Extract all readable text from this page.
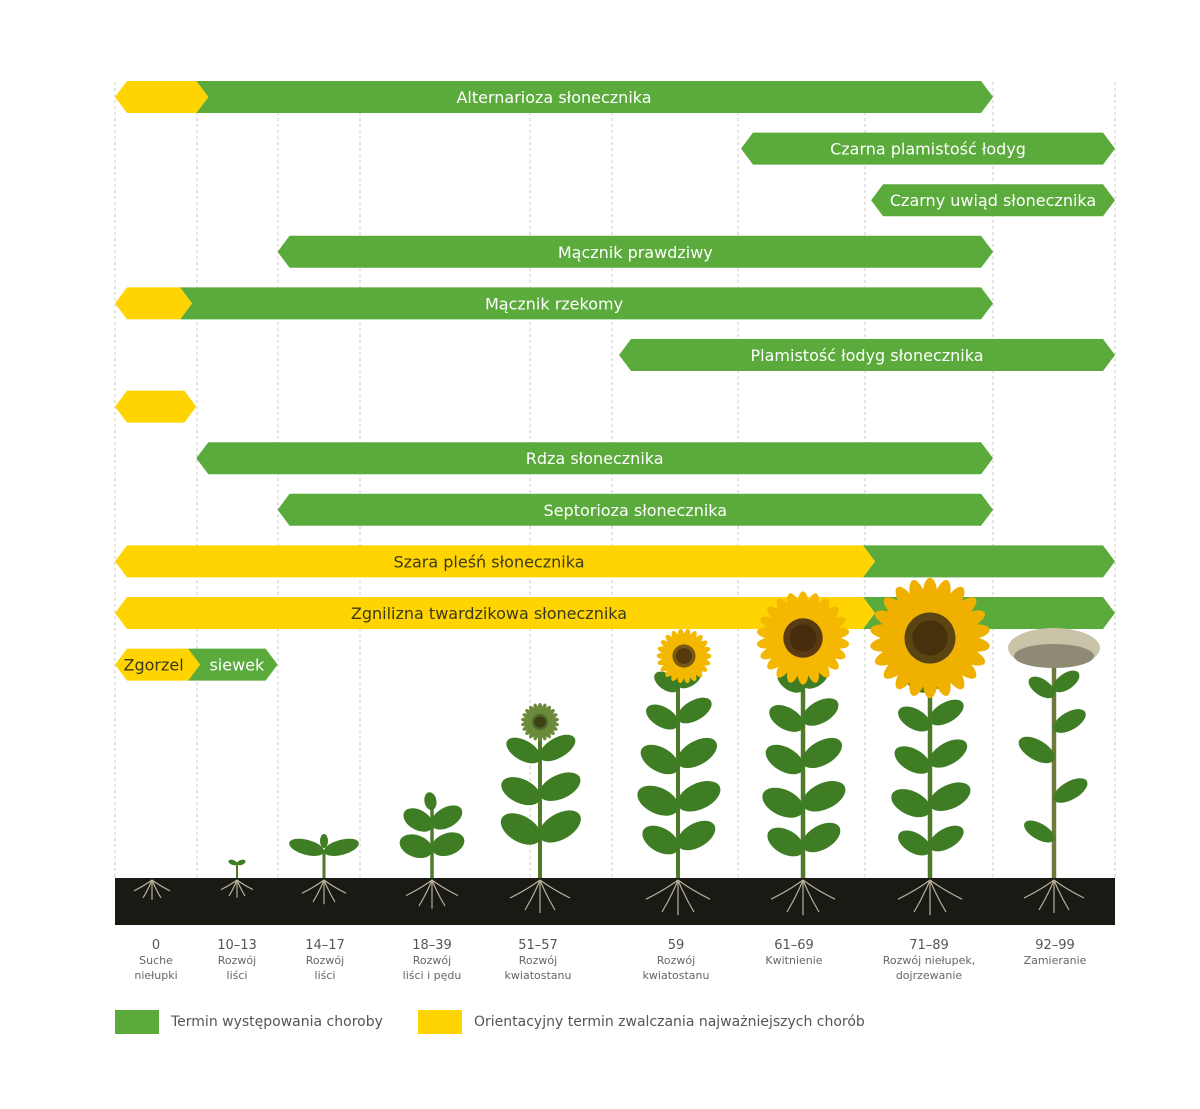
Alternarioza słonecznika
Czarna plamistość łodyg
Czarny uwiąd słonecznika
Mącznik prawdziwy
Mącznik rzekomy
Plamistość łodyg słonecznika
Rdza słonecznika
Septorioza słonecznika
Szara pleśń słonecznika
Zgnilizna twardzikowa słonecznika
Zgorzel siewek
0
Suche
niełupki
10–13
Rozwój
liści
14–17
Rozwój
liści
18–39
Rozwój
liści i pędu
51–57
Rozwój
kwiatostanu
59
Rozwój
kwiatostanu
61–69
Kwitnienie
71–89
Rozwój niełupek,
dojrzewanie
92–99
Zamieranie
Termin występowania choroby	Orientacyjny termin zwalczania najważniejszych chorób
